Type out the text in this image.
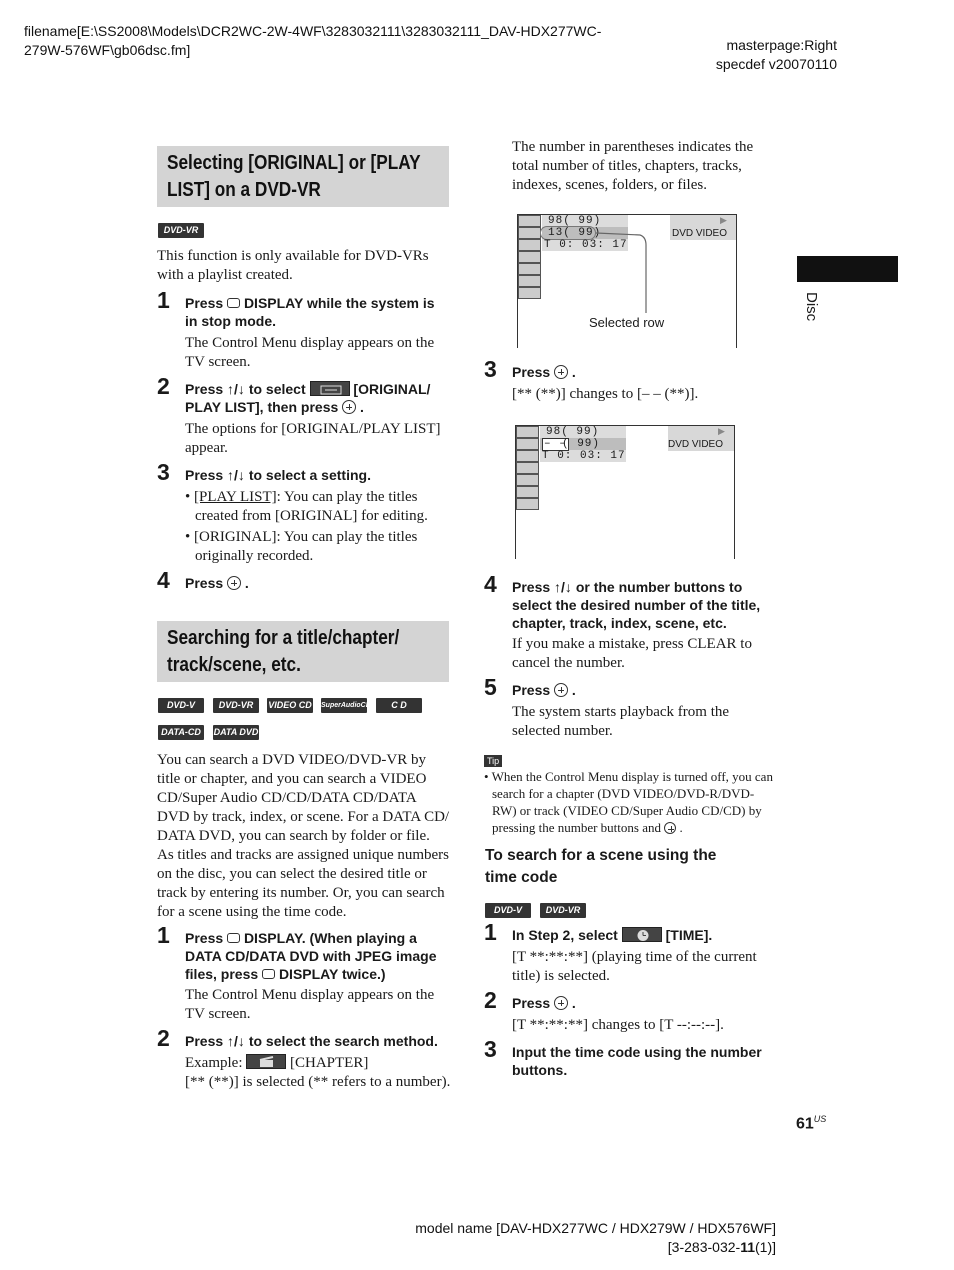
filename[E:\SS2008\Models\DCR2WC-2W-4WF\3283032111\3283032111_DAV-HDX277WC-
279W-576WF\gb06dsc.fm]	masterpage:Right
specdef v20070110
Disc
Selecting [ORIGINAL] or [PLAY
LIST] on a DVD-VR
DVD-VR
This function is only available for DVD-VRs
with a playlist created.
1 Press DISPLAY while the system is
in stop mode.
The Control Menu display appears on the
TV screen.
2 Press ↑/↓ to select	[ORIGINAL/
PLAY LIST], then press  .
The options for [ORIGINAL/PLAY LIST]
appear.
3 Press ↑/↓ to select a setting.
• [PLAY LIST]: You can play the titles
created from [ORIGINAL] for editing.
• [ORIGINAL]: You can play the titles
originally recorded.
4 Press  .
Searching for a title/chapter/
track/scene, etc.
DVD-V	DVD-VR	VIDEO CD SuperAudioCD	C D
DATA-CD	DATA DVD
You can search a DVD VIDEO/DVD-VR by
title or chapter, and you can search a VIDEO
CD/Super Audio CD/CD/DATA CD/DATA
DVD by track, index, or scene. For a DATA CD/
DATA DVD, you can search by folder or file.
As titles and tracks are assigned unique numbers
on the disc, you can select the desired title or
track by entering its number. Or, you can search
for a scene using the time code.
1 Press DISPLAY. (When playing a
DATA CD/DATA DVD with JPEG image
files, press DISPLAY twice.)
The Control Menu display appears on the
TV screen.
2 Press ↑/↓ to select the search method.
Example:	[CHAPTER]
[** (**)] is selected (** refers to a number).
The number in parentheses indicates the
total number of titles, chapters, tracks,
indexes, scenes, folders, or files.
98( 99)
13( 99)
T 0: 03: 17
▶
DVD VIDEO
Selected row
3 Press  .
[** (**)] changes to [– – (**)].
98( 99)
– –
( 99)
T 0: 03: 17
▶
DVD VIDEO
4 Press ↑/↓ or the number buttons to
select the desired number of the title,
chapter, track, index, scene, etc.
If you make a mistake, press CLEAR to
cancel the number.
5 Press  .
The system starts playback from the
selected number.
Tip
• When the Control Menu display is turned off, you can
search for a chapter (DVD VIDEO/DVD-R/DVD-
RW) or track (VIDEO CD/Super Audio CD/CD) by
pressing the number buttons and  .
To search for a scene using the
time code
DVD-V	DVD-VR
1 In Step 2, select	[TIME].
[T **:**:**] (playing time of the current
title) is selected.
2 Press  .
[T **:**:**] changes to [T --:--:--].
3 Input the time code using the number
buttons.
$61^{US}$
model name [DAV-HDX277WC / HDX279W / HDX576WF]
[3-283-032-11(1)]
